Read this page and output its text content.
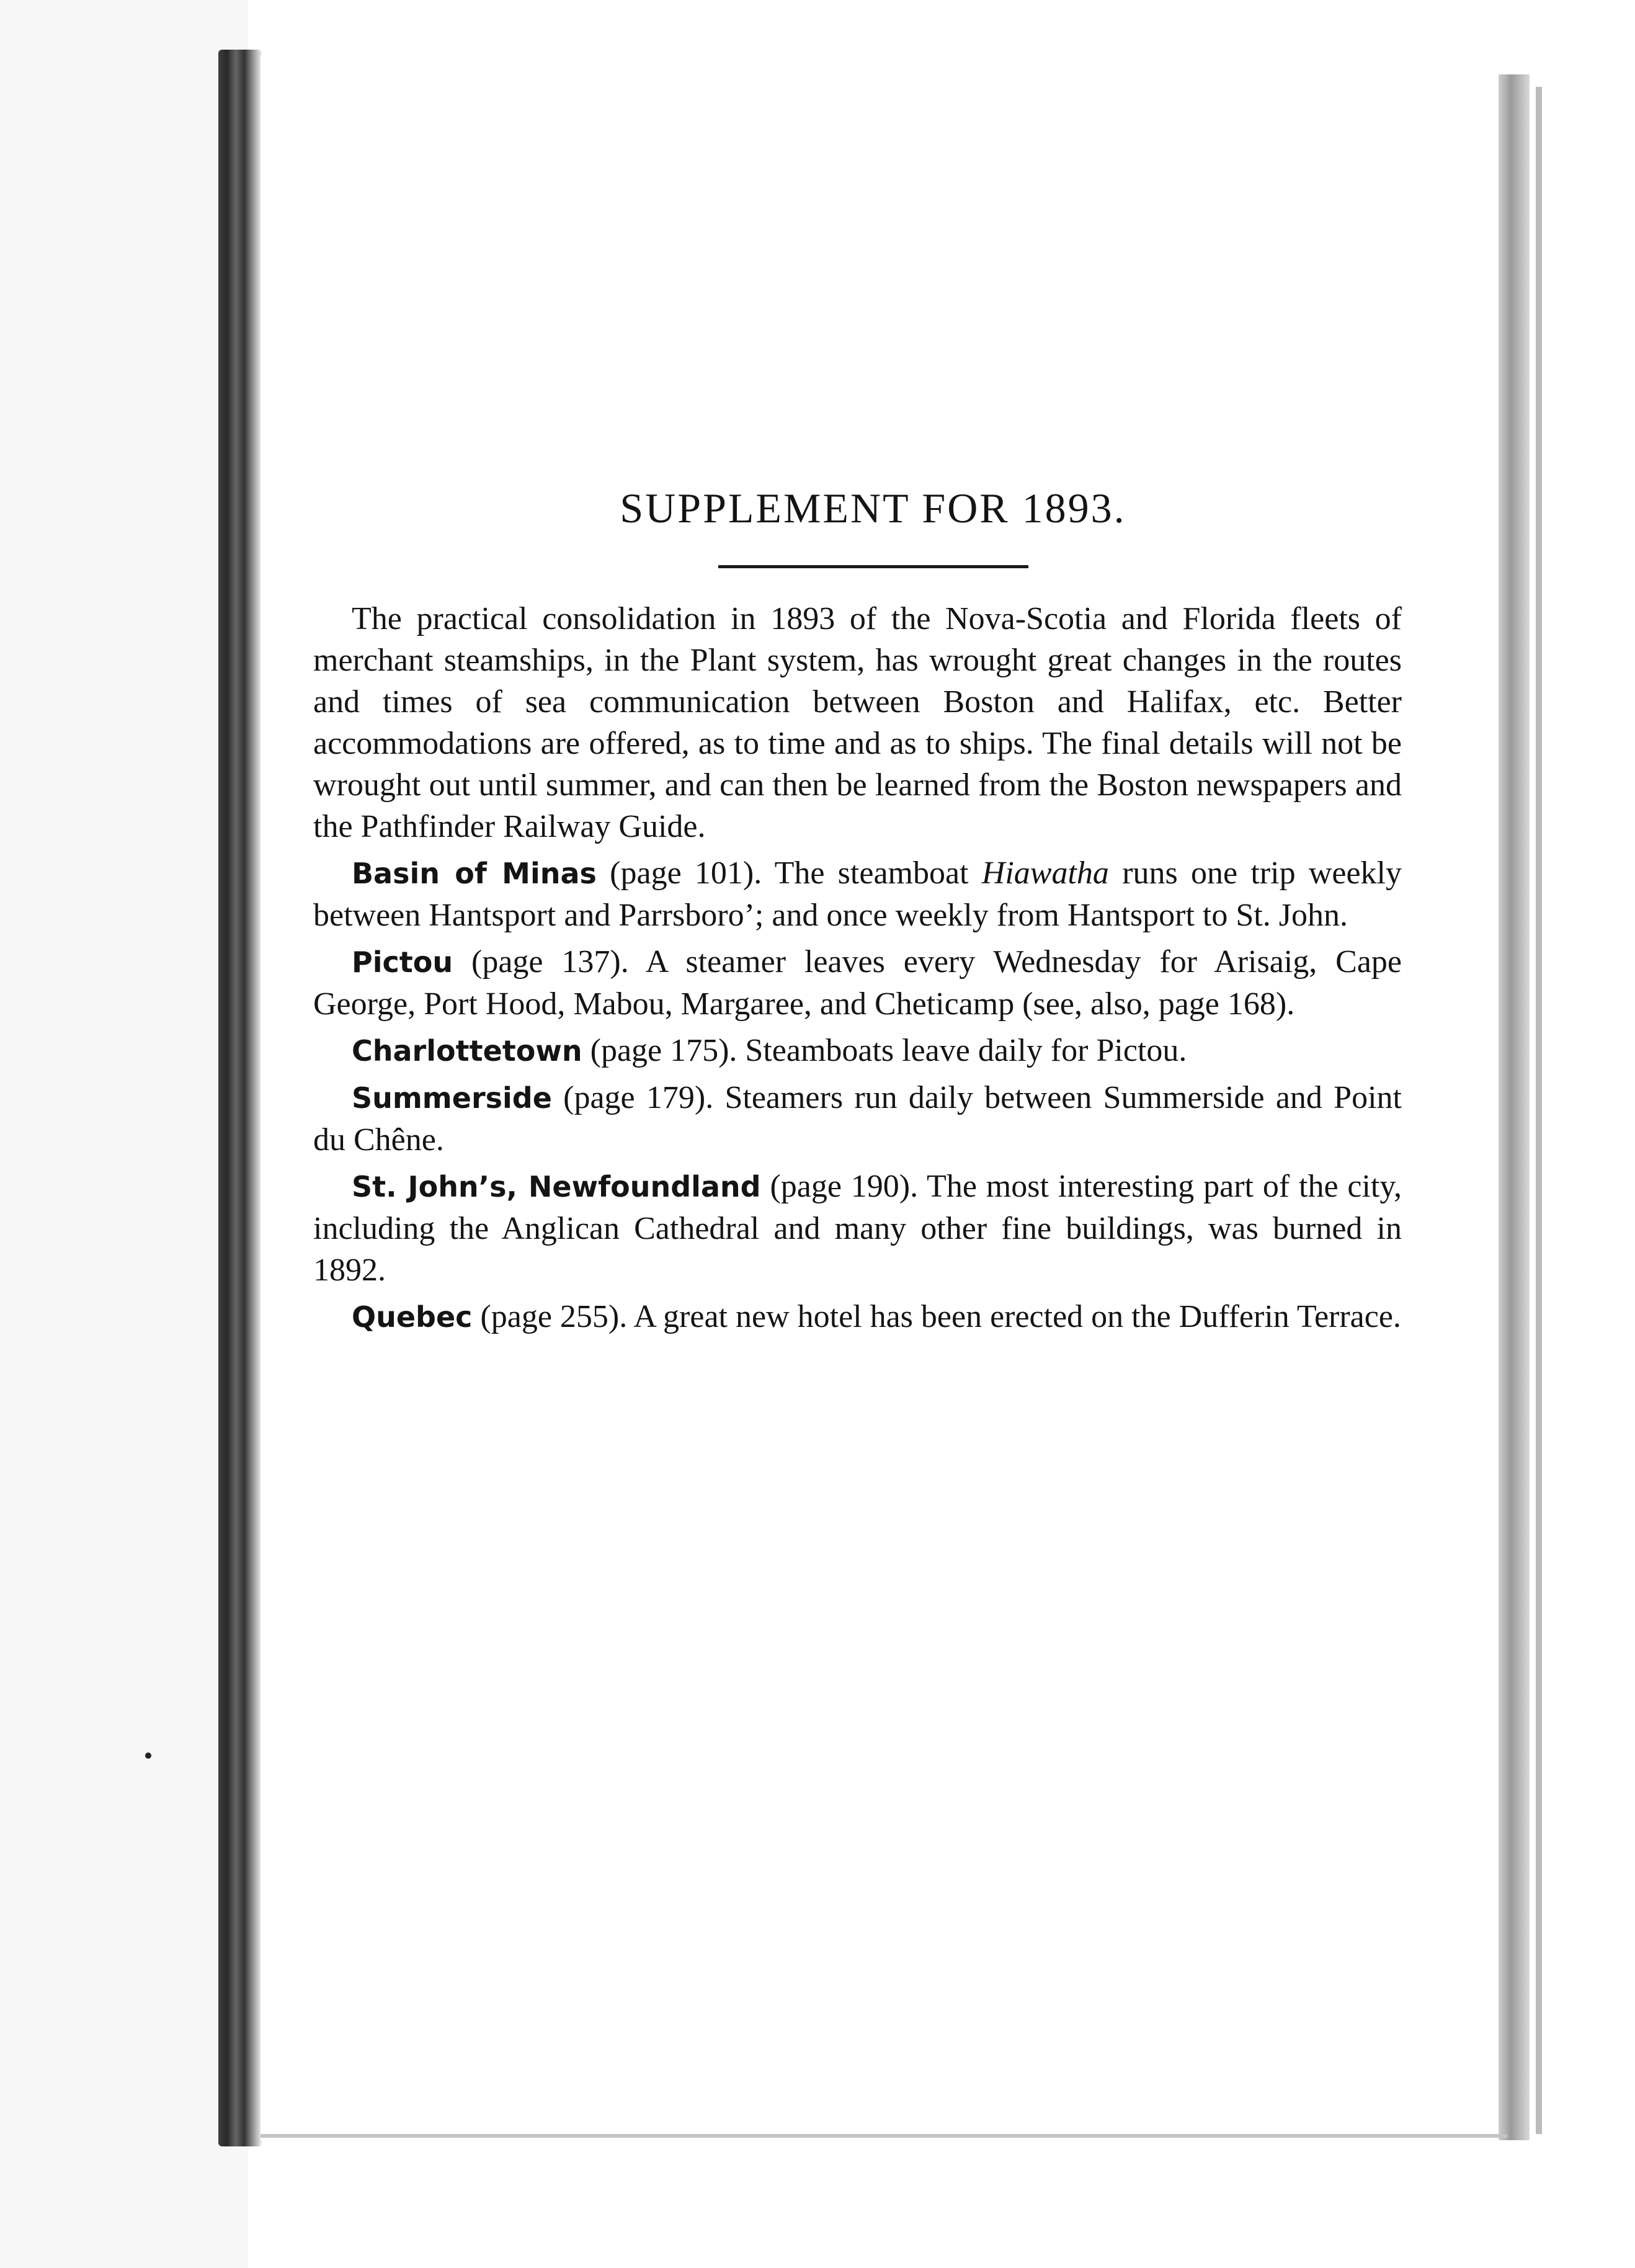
SUPPLEMENT FOR 1893.

The practical consolidation in 1893 of the Nova-Scotia and Florida fleets of merchant steamships, in the Plant system, has wrought great changes in the routes and times of sea communication between Boston and Halifax, etc. Better accommodations are offered, as to time and as to ships. The final details will not be wrought out until summer, and can then be learned from the Boston newspapers and the Pathfinder Railway Guide.

Basin of Minas (page 101). The steamboat Hiawatha runs one trip weekly between Hantsport and Parrsboro’; and once weekly from Hantsport to St. John.

Pictou (page 137). A steamer leaves every Wednesday for Arisaig, Cape George, Port Hood, Mabou, Margaree, and Cheticamp (see, also, page 168).

Charlottetown (page 175). Steamboats leave daily for Pictou.

Summerside (page 179). Steamers run daily between Summerside and Point du Chêne.

St. John’s, Newfoundland (page 190). The most interesting part of the city, including the Anglican Cathedral and many other fine buildings, was burned in 1892.

Quebec (page 255). A great new hotel has been erected on the Dufferin Terrace.
